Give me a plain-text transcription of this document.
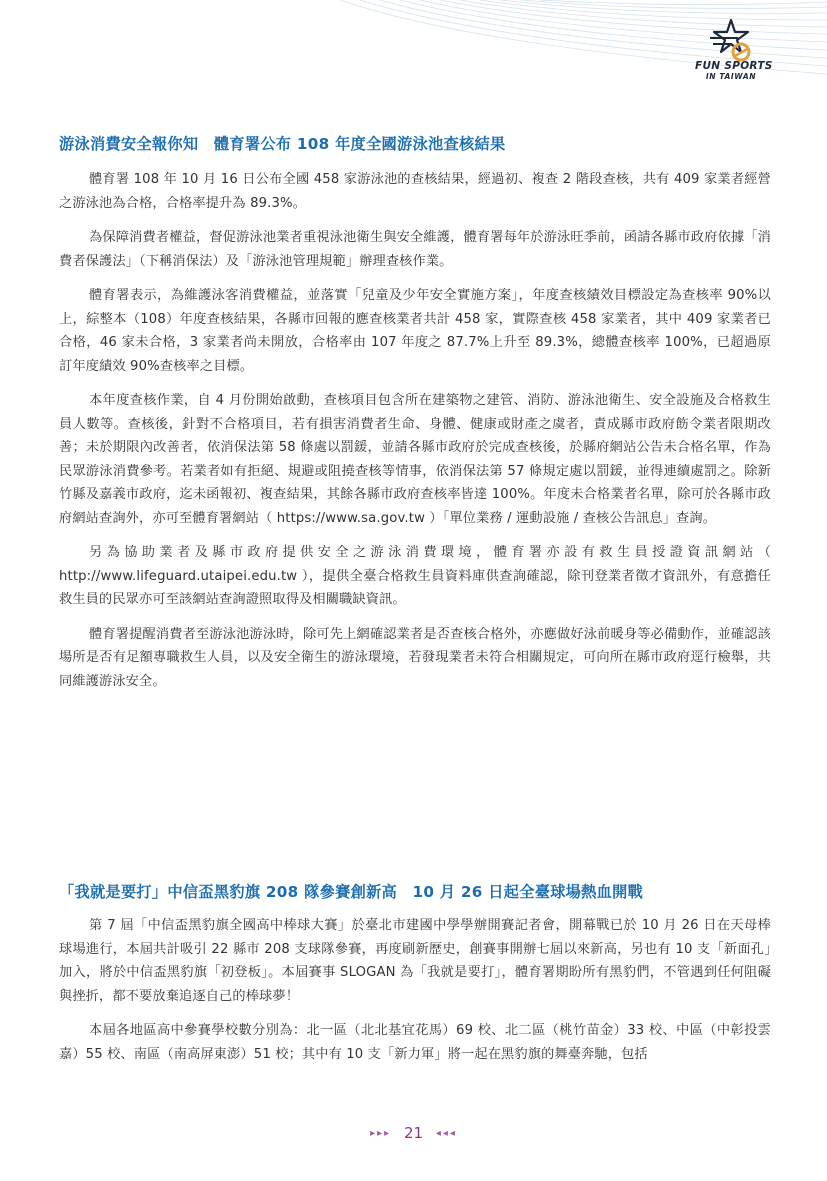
FUN SPORTS
IN TAIWAN
游泳消費安全報你知　體育署公布 108 年度全國游泳池查核結果

體育署 108 年 10 月 16 日公布全國 458 家游泳池的查核結果，經過初、複查 2 階段查核，共有 409 家業者經營之游泳池為合格，合格率提升為 89.3%。

為保障消費者權益，督促游泳池業者重視泳池衛生與安全維護，體育署每年於游泳旺季前，函請各縣市政府依據「消費者保護法」（下稱消保法）及「游泳池管理規範」辦理查核作業。

體育署表示，為維護泳客消費權益，並落實「兒童及少年安全實施方案」，年度查核績效目標設定為查核率 90%以上，綜整本（108）年度查核結果，各縣市回報的應查核業者共計 458 家，實際查核 458 家業者，其中 409 家業者已合格，46 家未合格，3 家業者尚未開放，合格率由 107 年度之 87.7%上升至 89.3%，總體查核率 100%，已超過原訂年度績效 90%查核率之目標。

本年度查核作業，自 4 月份開始啟動，查核項目包含所在建築物之建管、消防、游泳池衛生、安全設施及合格救生員人數等。查核後，針對不合格項目，若有損害消費者生命、身體、健康或財產之虞者，責成縣市政府飭令業者限期改善；未於期限內改善者，依消保法第 58 條處以罰鍰，並請各縣市政府於完成查核後，於縣府網站公告未合格名單，作為民眾游泳消費參考。若業者如有拒絕、規避或阻撓查核等情事，依消保法第 57 條規定處以罰鍰，並得連續處罰之。除新竹縣及嘉義市政府，迄未函報初、複查結果，其餘各縣市政府查核率皆達 100%。年度未合格業者名單，除可於各縣市政府網站查詢外，亦可至體育署網站（ https://www.sa.gov.tw ）「單位業務 / 運動設施 / 查核公告訊息」查詢。

另為協助業者及縣市政府提供安全之游泳消費環境，體育署亦設有救生員授證資訊網站（ http://www.lifeguard.utaipei.edu.tw ），提供全臺合格救生員資料庫供查詢確認，除刊登業者徵才資訊外，有意擔任救生員的民眾亦可至該網站查詢證照取得及相關職缺資訊。

體育署提醒消費者至游泳池游泳時，除可先上網確認業者是否查核合格外，亦應做好泳前暖身等必備動作，並確認該場所是否有足額專職救生人員，以及安全衛生的游泳環境，若發現業者未符合相關規定，可向所在縣市政府逕行檢舉，共同維護游泳安全。

「我就是要打」中信盃黑豹旗 208 隊參賽創新高　10 月 26 日起全臺球場熱血開戰

第 7 屆「中信盃黑豹旗全國高中棒球大賽」於臺北市建國中學學辦開賽記者會，開幕戰已於 10 月 26 日在天母棒球場進行，本屆共計吸引 22 縣市 208 支球隊參賽，再度刷新歷史，創賽事開辦七屆以來新高，另也有 10 支「新面孔」加入，將於中信盃黑豹旗「初登板」。本屆賽事 SLOGAN 為「我就是要打」，體育署期盼所有黑豹們，不管遇到任何阻礙與挫折，都不要放棄追逐自己的棒球夢！

本屆各地區高中參賽學校數分別為：北一區（北北基宜花馬）69 校、北二區（桃竹苗金）33 校、中區（中彰投雲嘉）55 校、南區（南高屏東澎）51 校；其中有 10 支「新力軍」將一起在黑豹旗的舞臺奔馳，包括

▸▸▸ 21 ◂◂◂
